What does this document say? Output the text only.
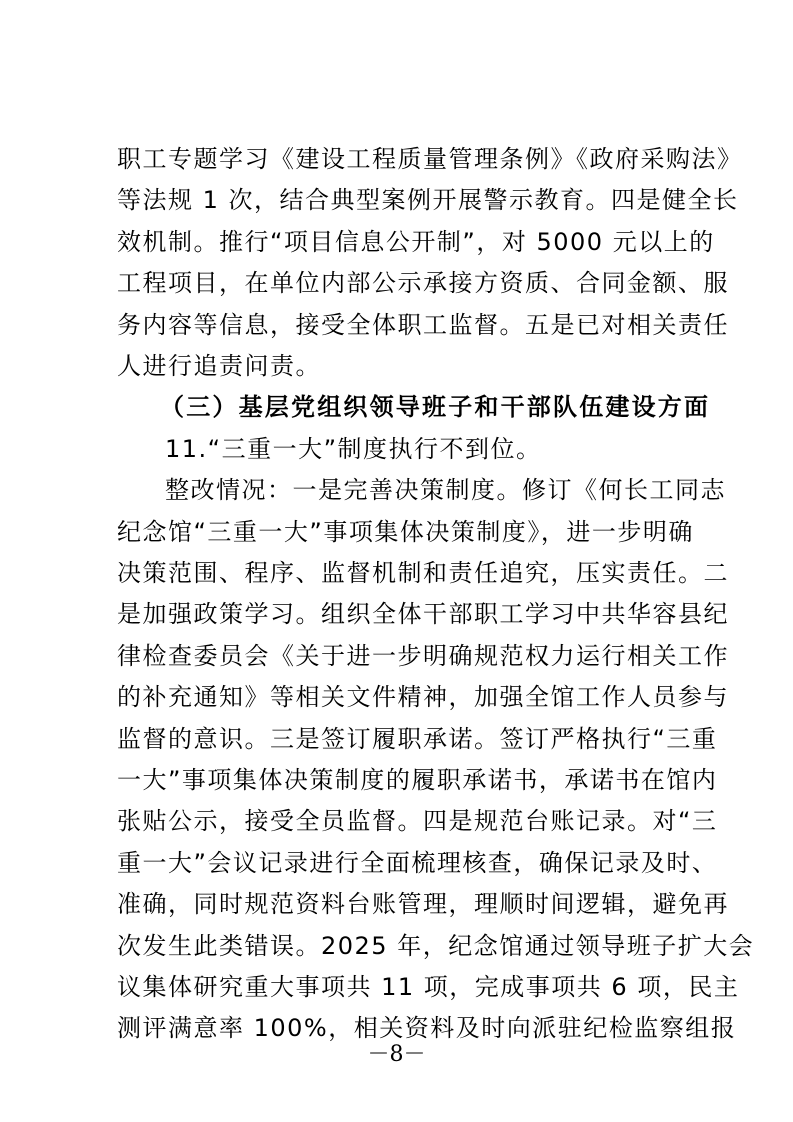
职工专题学习《建设工程质量管理条例》《政府采购法》
等法规 1 次，结合典型案例开展警示教育。四是健全长
效机制。推行“项目信息公开制”，对 5000 元以上的
工程项目，在单位内部公示承接方资质、合同金额、服
务内容等信息，接受全体职工监督。五是已对相关责任
人进行追责问责。
（三）基层党组织领导班子和干部队伍建设方面
11.“三重一大”制度执行不到位。
整改情况：一是完善决策制度。修订《何长工同志
纪念馆“三重一大”事项集体决策制度》，进一步明确
决策范围、程序、监督机制和责任追究，压实责任。二
是加强政策学习。组织全体干部职工学习中共华容县纪
律检查委员会《关于进一步明确规范权力运行相关工作
的补充通知》等相关文件精神，加强全馆工作人员参与
监督的意识。三是签订履职承诺。签订严格执行“三重
一大”事项集体决策制度的履职承诺书，承诺书在馆内
张贴公示，接受全员监督。四是规范台账记录。对“三
重一大”会议记录进行全面梳理核查，确保记录及时、
准确，同时规范资料台账管理，理顺时间逻辑，避免再
次发生此类错误。2025 年，纪念馆通过领导班子扩大会
议集体研究重大事项共 11 项，完成事项共 6 项，民主
测评满意率 100%，相关资料及时向派驻纪检监察组报
－8－
